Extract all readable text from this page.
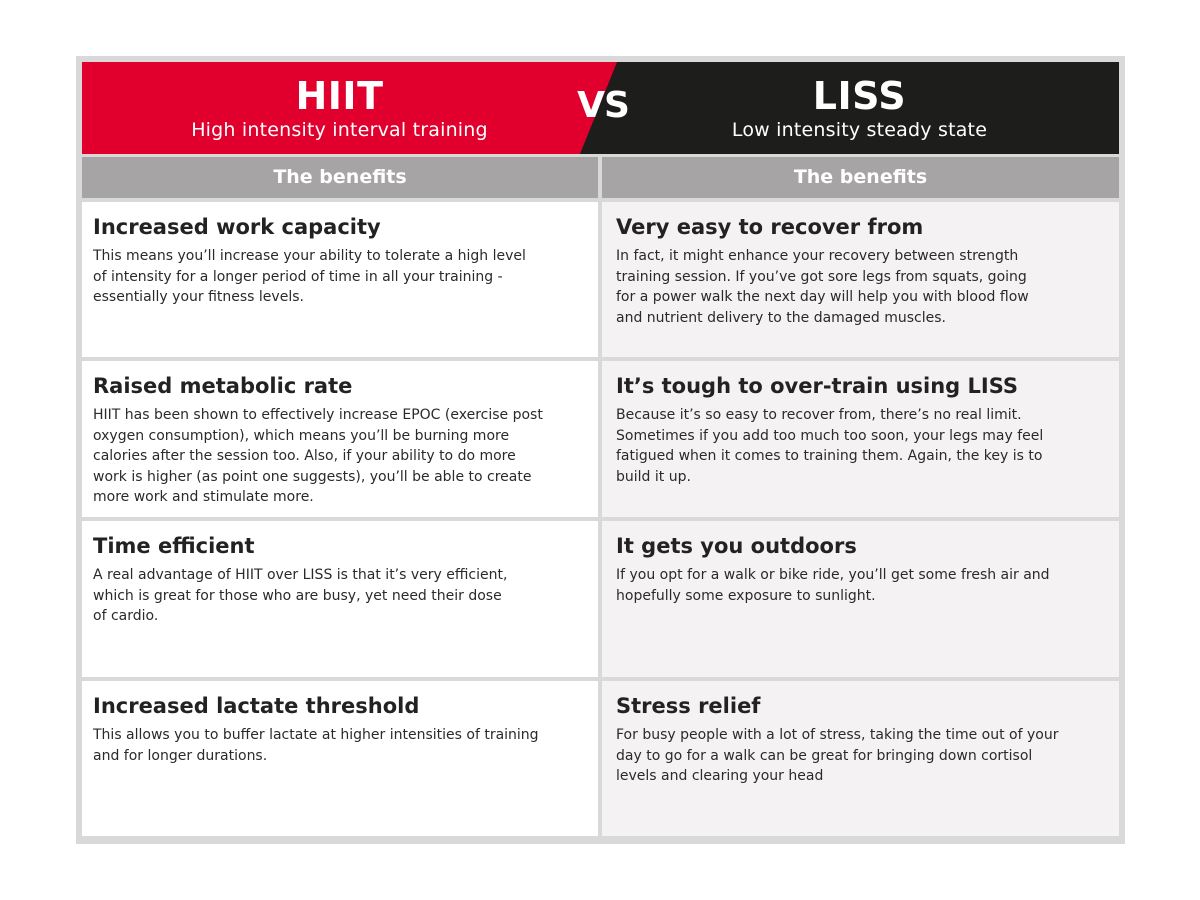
HIIT
High intensity interval training
VS	LISS
Low intensity steady state
The benefits	The benefits
Increased work capacity
This means you’ll increase your ability to tolerate a high level
of intensity for a longer period of time in all your training -
essentially your fitness levels.
Very easy to recover from
In fact, it might enhance your recovery between strength
training session. If you’ve got sore legs from squats, going
for a power walk the next day will help you with blood flow
and nutrient delivery to the damaged muscles.
Raised metabolic rate
HIIT has been shown to effectively increase EPOC (exercise post
oxygen consumption), which means you’ll be burning more
calories after the session too. Also, if your ability to do more
work is higher (as point one suggests), you’ll be able to create
more work and stimulate more.
It’s tough to over-train using LISS
Because it’s so easy to recover from, there’s no real limit.
Sometimes if you add too much too soon, your legs may feel
fatigued when it comes to training them. Again, the key is to
build it up.
Time efficient
A real advantage of HIIT over LISS is that it’s very efficient,
which is great for those who are busy, yet need their dose
of cardio.
It gets you outdoors
If you opt for a walk or bike ride, you’ll get some fresh air and
hopefully some exposure to sunlight.
Increased lactate threshold
This allows you to buffer lactate at higher intensities of training
and for longer durations.
Stress relief
For busy people with a lot of stress, taking the time out of your
day to go for a walk can be great for bringing down cortisol
levels and clearing your head
